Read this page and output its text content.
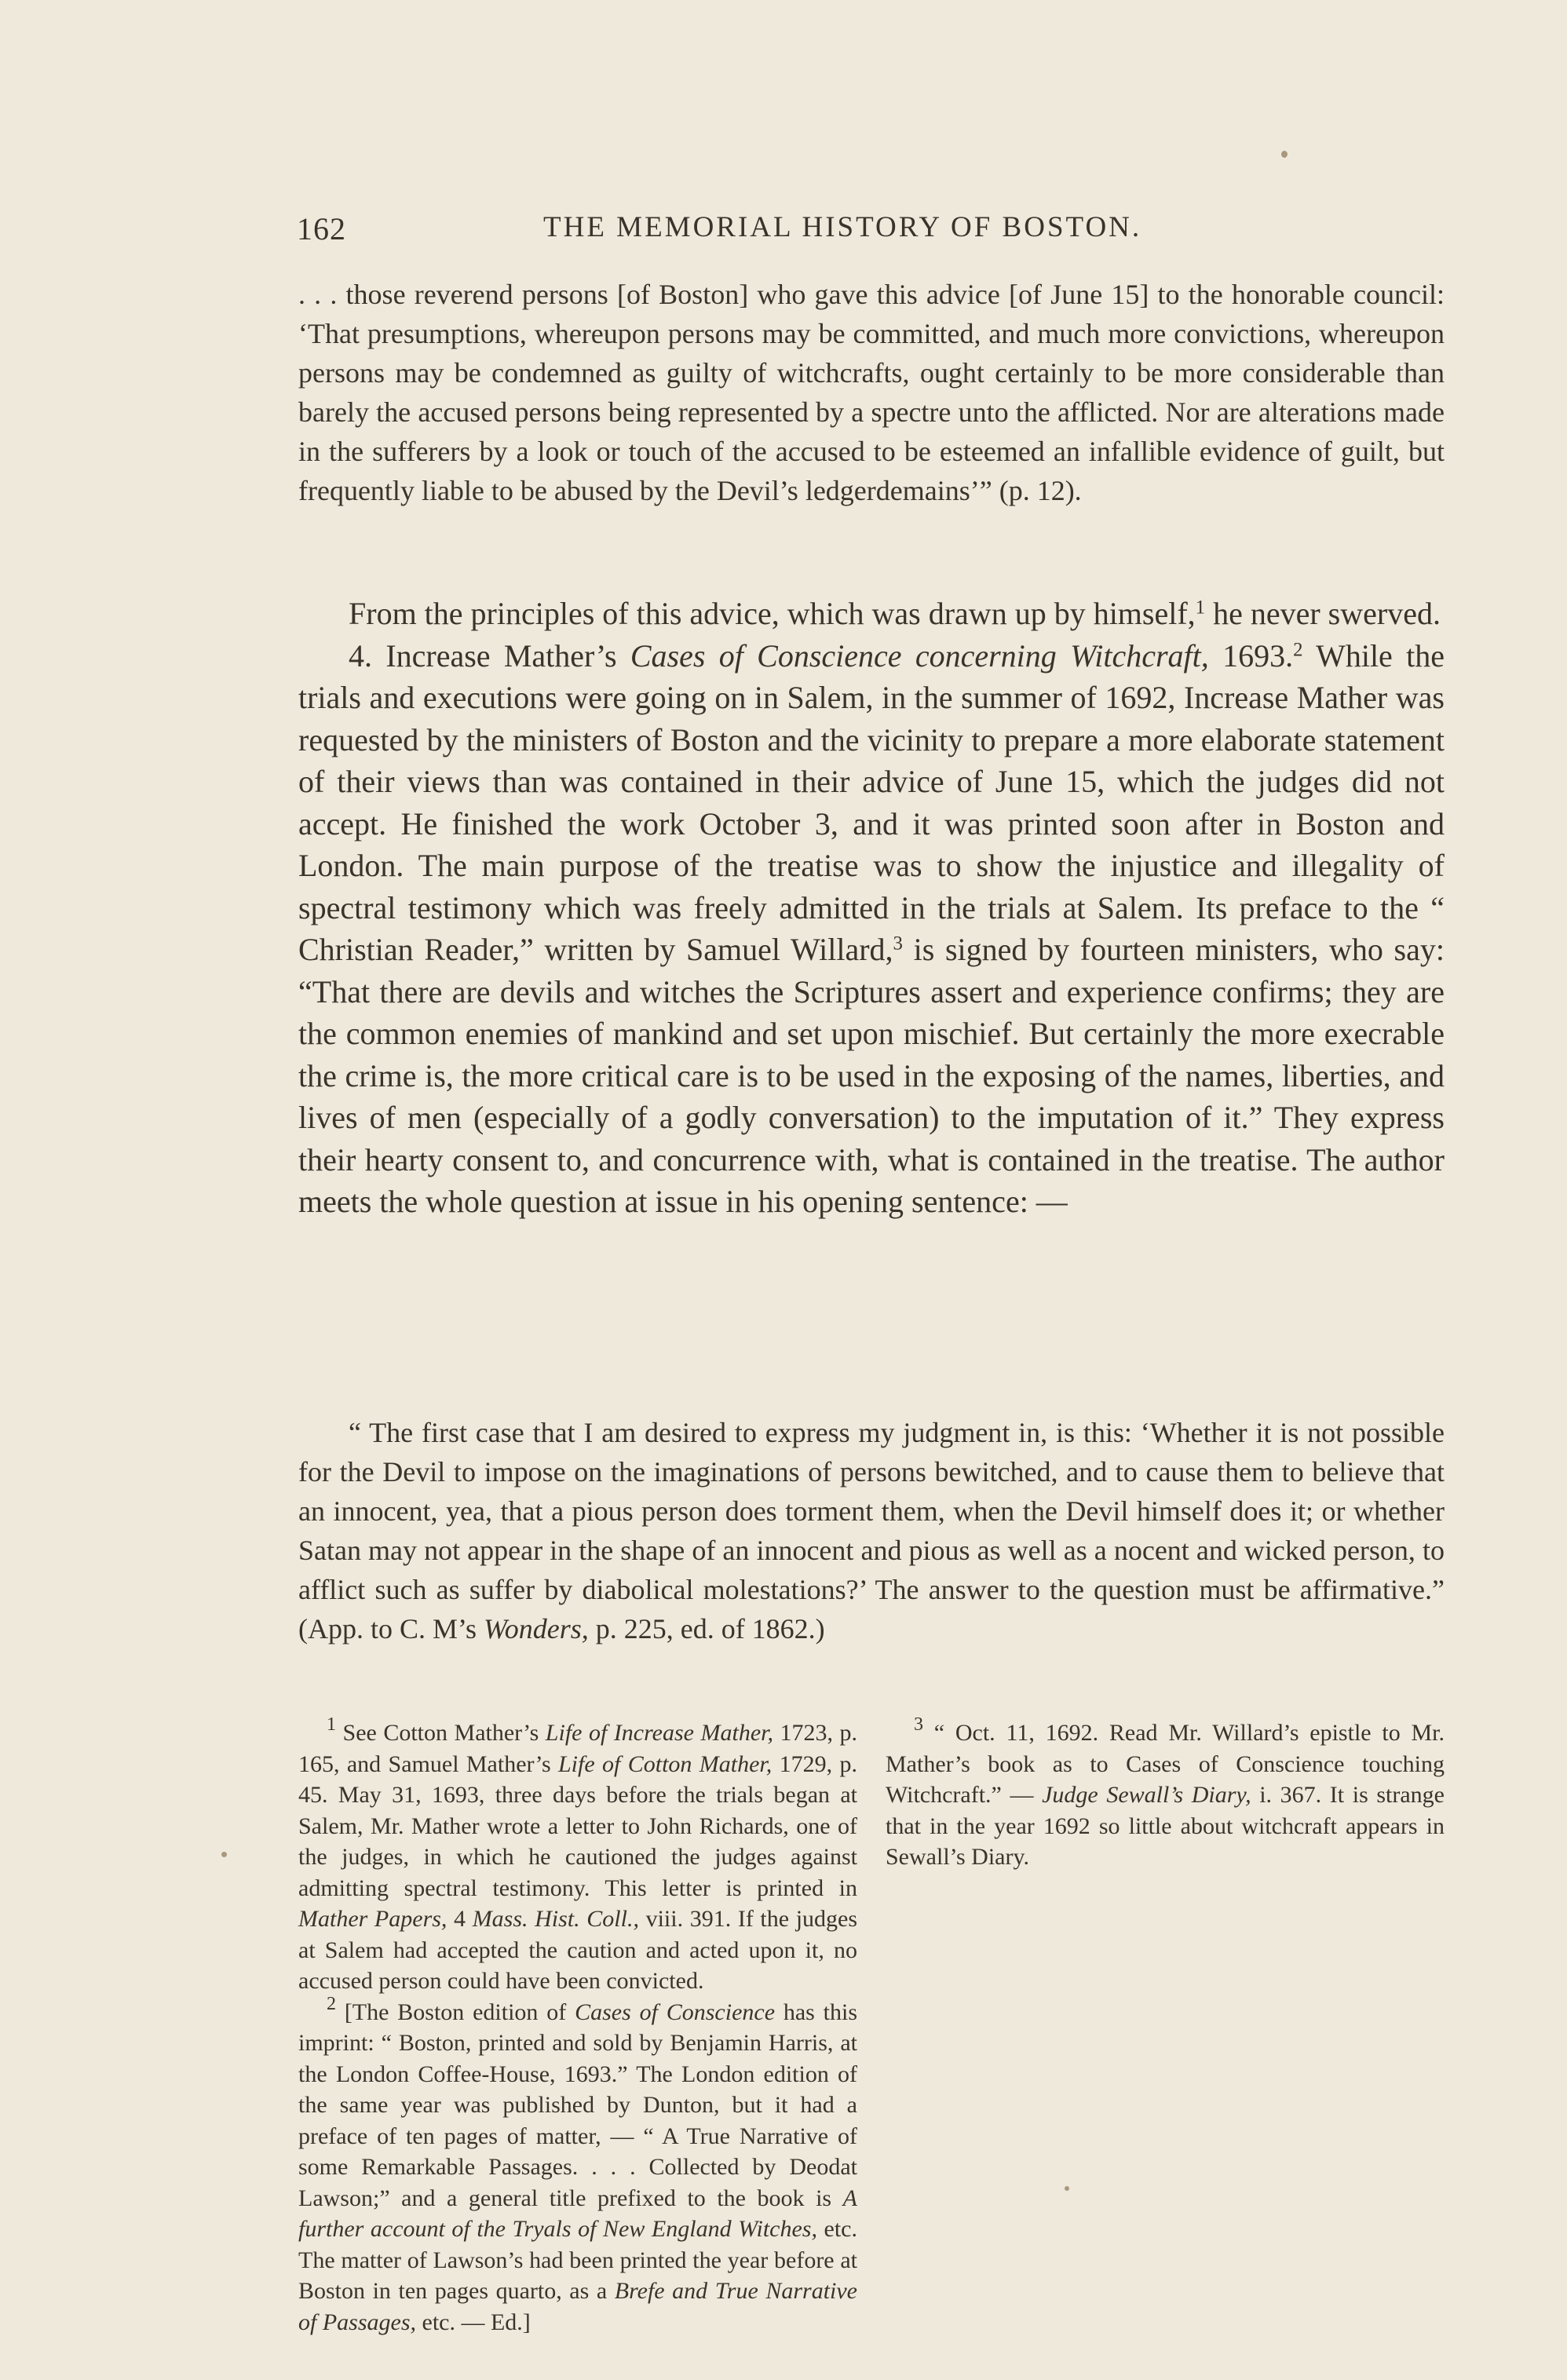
162	THE MEMORIAL HISTORY OF BOSTON.

. . . those reverend persons [of Boston] who gave this advice [of June 15] to the honorable council: ‘That presumptions, whereupon persons may be committed, and much more convictions, whereupon persons may be condemned as guilty of witchcrafts, ought certainly to be more considerable than barely the accused persons being represented by a spectre unto the afflicted. Nor are alterations made in the sufferers by a look or touch of the accused to be esteemed an infallible evidence of guilt, but frequently liable to be abused by the Devil’s ledgerdemains’” (p. 12).

From the principles of this advice, which was drawn up by himself,$^1$ he never swerved.

4. Increase Mather’s Cases of Conscience concerning Witchcraft, 1693.$^2$ While the trials and executions were going on in Salem, in the summer of 1692, Increase Mather was requested by the ministers of Boston and the vicinity to prepare a more elaborate statement of their views than was contained in their advice of June 15, which the judges did not accept. He finished the work October 3, and it was printed soon after in Boston and London. The main purpose of the treatise was to show the injustice and illegality of spectral testimony which was freely admitted in the trials at Salem. Its preface to the “ Christian Reader,” written by Samuel Willard,$^3$ is signed by fourteen ministers, who say: “That there are devils and witches the Scriptures assert and experience confirms; they are the common enemies of mankind and set upon mischief. But certainly the more execrable the crime is, the more critical care is to be used in the exposing of the names, liberties, and lives of men (especially of a godly conversation) to the imputation of it.” They express their hearty consent to, and concurrence with, what is contained in the treatise. The author meets the whole question at issue in his opening sentence: —

“ The first case that I am desired to express my judgment in, is this: ‘Whether it is not possible for the Devil to impose on the imaginations of persons bewitched, and to cause them to believe that an innocent, yea, that a pious person does torment them, when the Devil himself does it; or whether Satan may not appear in the shape of an innocent and pious as well as a nocent and wicked person, to afflict such as suffer by diabolical molestations?’ The answer to the question must be affirmative.” (App. to C. M’s Wonders, p. 225, ed. of 1862.)

$^1$ See Cotton Mather’s Life of Increase Mather, 1723, p. 165, and Samuel Mather’s Life of Cotton Mather, 1729, p. 45. May 31, 1693, three days before the trials began at Salem, Mr. Mather wrote a letter to John Richards, one of the judges, in which he cautioned the judges against admitting spectral testimony. This letter is printed in Mather Papers, 4 Mass. Hist. Coll., viii. 391. If the judges at Salem had accepted the caution and acted upon it, no accused person could have been convicted.

$^2$ [The Boston edition of Cases of Conscience has this imprint: “ Boston, printed and sold by Benjamin Harris, at the London Coffee-House, 1693.” The London edition of the same year was published by Dunton, but it had a preface of ten pages of matter, — “ A True Narrative of some Remarkable Passages. . . . Collected by Deodat Lawson;” and a general title prefixed to the book is A further account of the Tryals of New England Witches, etc. The matter of Lawson’s had been printed the year before at Boston in ten pages quarto, as a Brefe and True Narrative of Passages, etc. — Ed.]

$^3$ “ Oct. 11, 1692. Read Mr. Willard’s epistle to Mr. Mather’s book as to Cases of Conscience touching Witchcraft.” — Judge Sewall’s Diary, i. 367. It is strange that in the year 1692 so little about witchcraft appears in Sewall’s Diary.
